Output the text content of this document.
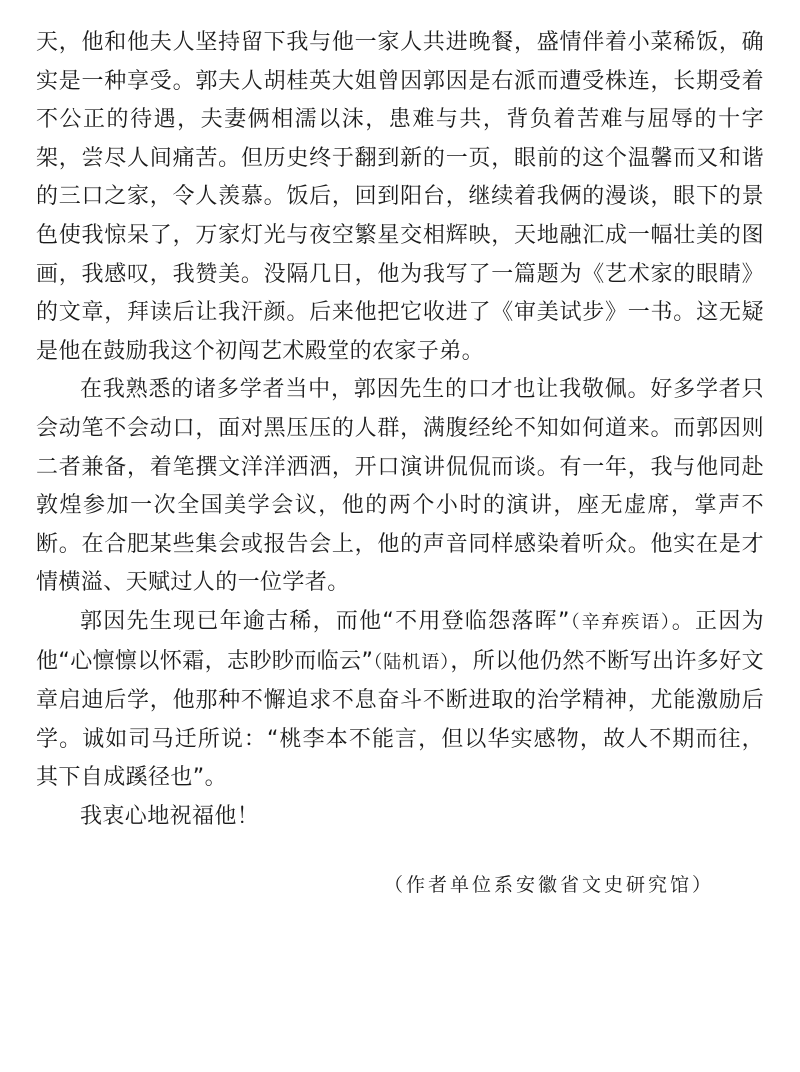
天，他和他夫人坚持留下我与他一家人共进晚餐，盛情伴着小菜稀饭，确实是一种享受。郭夫人胡桂英大姐曾因郭因是右派而遭受株连，长期受着不公正的待遇，夫妻俩相濡以沫，患难与共，背负着苦难与屈辱的十字架，尝尽人间痛苦。但历史终于翻到新的一页，眼前的这个温馨而又和谐的三口之家，令人羡慕。饭后，回到阳台，继续着我俩的漫谈，眼下的景色使我惊呆了，万家灯光与夜空繁星交相辉映，天地融汇成一幅壮美的图画，我感叹，我赞美。没隔几日，他为我写了一篇题为《艺术家的眼睛》的文章，拜读后让我汗颜。后来他把它收进了《审美试步》一书。这无疑是他在鼓励我这个初闯艺术殿堂的农家子弟。

在我熟悉的诸多学者当中，郭因先生的口才也让我敬佩。好多学者只会动笔不会动口，面对黑压压的人群，满腹经纶不知如何道来。而郭因则二者兼备，着笔撰文洋洋洒洒，开口演讲侃侃而谈。有一年，我与他同赴敦煌参加一次全国美学会议，他的两个小时的演讲，座无虚席，掌声不断。在合肥某些集会或报告会上，他的声音同样感染着听众。他实在是才情横溢、天赋过人的一位学者。

郭因先生现已年逾古稀，而他“不用登临怨落晖”（辛弃疾语）。正因为他“心懔懔以怀霜，志眇眇而临云”（陆机语），所以他仍然不断写出许多好文章启迪后学，他那种不懈追求不息奋斗不断进取的治学精神，尤能激励后学。诚如司马迁所说：“桃李本不能言，但以华实感物，故人不期而往，其下自成蹊径也”。

我衷心地祝福他！

（作者单位系安徽省文史研究馆）
